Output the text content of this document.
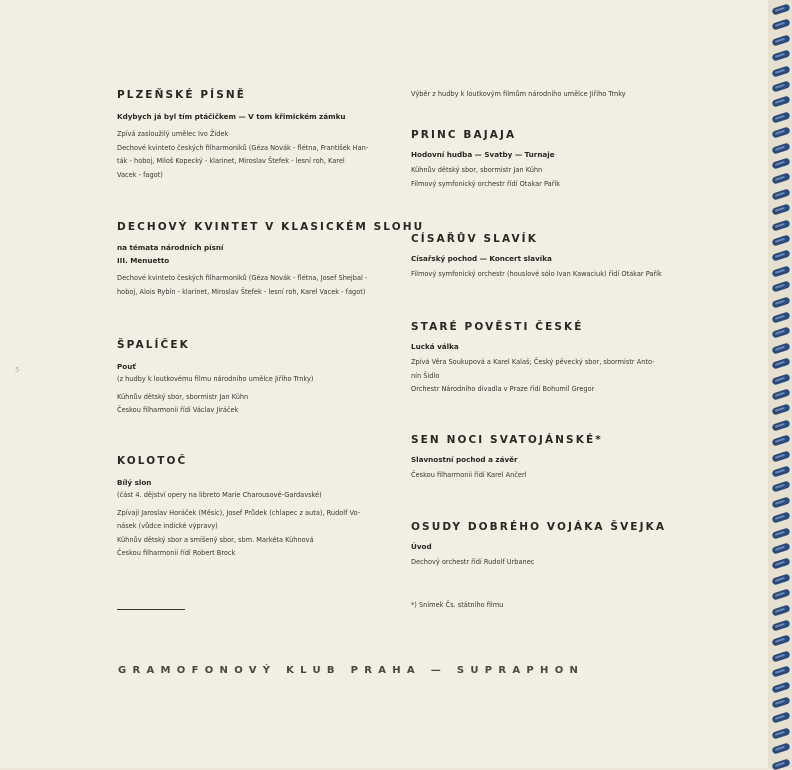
PLZEŇSKÉ PÍSNĚ

Kdybych já byl tím ptáčičkem — V tom křimickém zámku

Zpívá zasloužilý umělec Ivo Žídek

Dechové kvinteto českých filharmoniků (Géza Novák - flétna, František Han-

ták - hoboj, Miloš Kopecký - klarinet, Miroslav Štefek - lesní roh, Karel

Vacek - fagot)

DECHOVÝ KVINTET V KLASICKÉM SLOHU

na témata národních písní

III. Menuetto

Dechové kvinteto českých filharmoniků (Géza Novák - flétna, Josef Shejbal -

hoboj, Alois Rybín - klarinet, Miroslav Štefek - lesní roh, Karel Vacek - fagot)

ŠPALÍČEK

Pouť

(z hudby k loutkovému filmu národního umělce Jiřího Trnky)

Kühnův dětský sbor, sbormistr Jan Kühn

Českou filharmonii řídí Václav Jiráček

KOLOTOČ

Bílý slon

(část 4. dějství opery na libreto Marie Charousové-Gardavské)

Zpívají Jaroslav Horáček (Měsíc), Josef Průdek (chlapec z auta), Rudolf Vo-

násek (vůdce indické výpravy)

Kühnův dětský sbor a smíšený sbor, sbm. Markéta Kühnová

Českou filharmonii řídí Robert Brock

Výběr z hudby k loutkovým filmům národního umělce Jiřího Trnky

PRINC BAJAJA

Hodovní hudba — Svatby — Turnaje

Kühnův dětský sbor, sbormistr Jan Kühn

Filmový symfonický orchestr řídí Otakar Pařík

CÍSAŘŮV SLAVÍK

Císařský pochod — Koncert slavíka

Filmový symfonický orchestr (houslové sólo Ivan Kawaciuk) řídí Otakar Pařík

STARÉ POVĚSTI ČESKÉ

Lucká válka

Zpívá Věra Soukupová a Karel Kalaš; Český pěvecký sbor, sbormistr Anto-

nín Šidlo

Orchestr Národního divadla v Praze řídí Bohumil Gregor

SEN NOCI SVATOJÁNSKÉ*

Slavnostní pochod a závěr

Českou filharmonii řídí Karel Ančerl

OSUDY DOBRÉHO VOJÁKA ŠVEJKA

Úvod

Dechový orchestr řídí Rudolf Urbanec

*) Snímek Čs. státního filmu

GRAMOFONOVÝ KLUB PRAHA — SUPRAPHON
5
